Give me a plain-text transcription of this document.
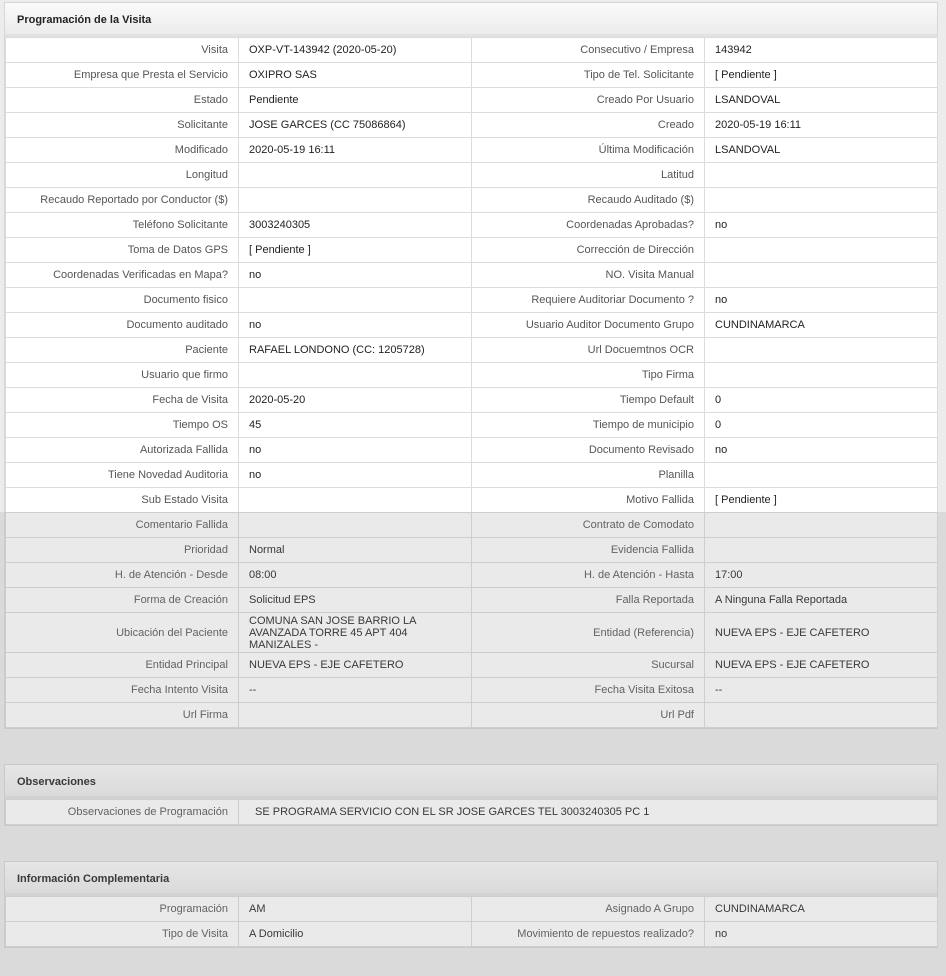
Programación de la Visita
Visita	OXP-VT-143942 (2020-05-20)	Consecutivo / Empresa	143942
Empresa que Presta el Servicio	OXIPRO SAS	Tipo de Tel. Solicitante	[ Pendiente ]
Estado	Pendiente	Creado Por Usuario	LSANDOVAL
Solicitante	JOSE GARCES (CC 75086864)	Creado	2020-05-19 16:11
Modificado	2020-05-19 16:11	Última Modificación	LSANDOVAL
Longitud		Latitud	
Recaudo Reportado por Conductor ($)		Recaudo Auditado ($)	
Teléfono Solicitante	3003240305	Coordenadas Aprobadas?	no
Toma de Datos GPS	[ Pendiente ]	Corrección de Dirección	
Coordenadas Verificadas en Mapa?	no	NO. Visita Manual	
Documento fisico		Requiere Auditoriar Documento ?	no
Documento auditado	no	Usuario Auditor Documento Grupo	CUNDINAMARCA
Paciente	RAFAEL LONDONO (CC: 1205728)	Url Docuemtnos OCR	
Usuario que firmo		Tipo Firma	
Fecha de Visita	2020-05-20	Tiempo Default	0
Tiempo OS	45	Tiempo de municipio	0
Autorizada Fallida	no	Documento Revisado	no
Tiene Novedad Auditoria	no	Planilla	
Sub Estado Visita		Motivo Fallida	[ Pendiente ]
Comentario Fallida		Contrato de Comodato	
Prioridad	Normal	Evidencia Fallida	
H. de Atención - Desde	08:00	H. de Atención - Hasta	17:00
Forma de Creación	Solicitud EPS	Falla Reportada	A Ninguna Falla Reportada
Ubicación del Paciente	COMUNA SAN JOSE BARRIO LA AVANZADA TORRE 45 APT 404 MANIZALES -	Entidad (Referencia)	NUEVA EPS - EJE CAFETERO
Entidad Principal	NUEVA EPS - EJE CAFETERO	Sucursal	NUEVA EPS - EJE CAFETERO
Fecha Intento Visita	--	Fecha Visita Exitosa	--
Url Firma		Url Pdf	
Observaciones
Observaciones de Programación	SE PROGRAMA SERVICIO CON EL SR JOSE GARCES TEL 3003240305 PC 1
Información Complementaria
Programación	AM	Asignado A Grupo	CUNDINAMARCA
Tipo de Visita	A Domicilio	Movimiento de repuestos realizado?	no
